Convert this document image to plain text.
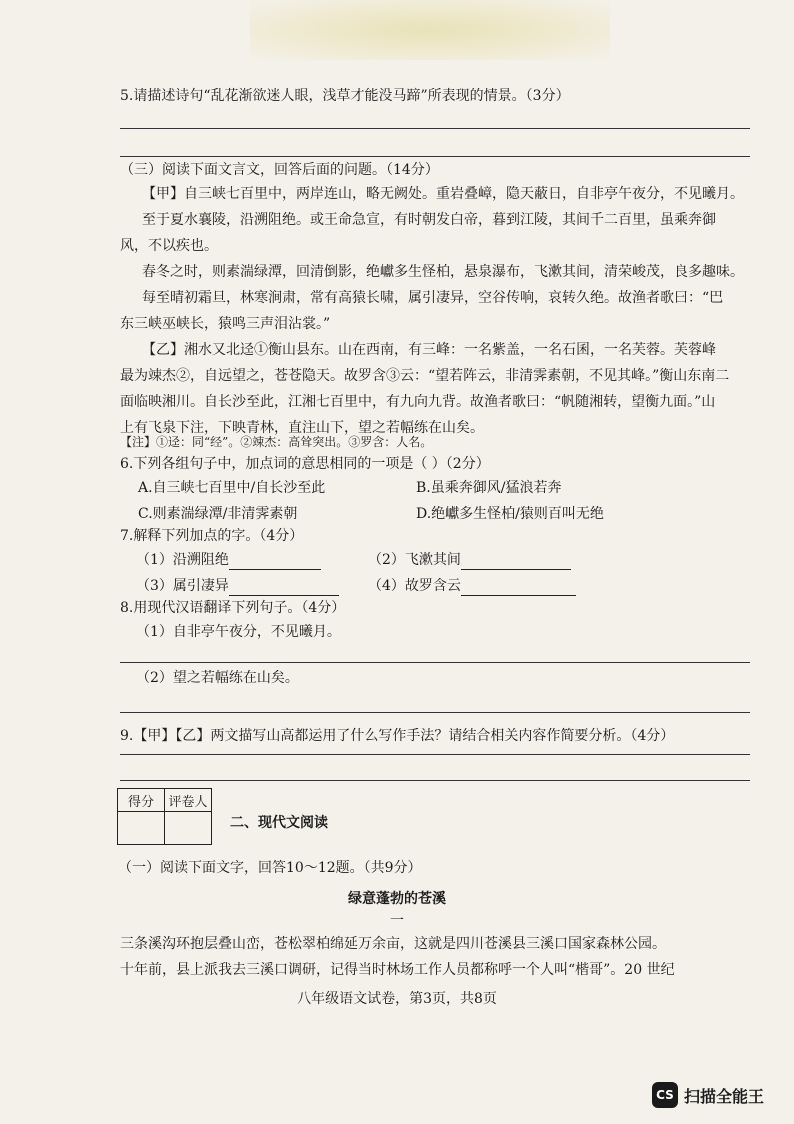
5.请描述诗句“乱花渐欲迷人眼，浅草才能没马蹄”所表现的情景。（3分）
（三）阅读下面文言文，回答后面的问题。（14分）
【甲】自三峡七百里中，两岸连山，略无阙处。重岩叠嶂，隐天蔽日，自非亭午夜分，不见曦月。
至于夏水襄陵，沿溯阻绝。或王命急宣，有时朝发白帝，暮到江陵，其间千二百里，虽乘奔御
风，不以疾也。
春冬之时，则素湍绿潭，回清倒影，绝巘多生怪柏，悬泉瀑布，飞漱其间，清荣峻茂，良多趣味。
每至晴初霜旦，林寒涧肃，常有高猿长啸，属引凄异，空谷传响，哀转久绝。故渔者歌曰：“巴
东三峡巫峡长，猿鸣三声泪沾裳。”
【乙】湘水又北迳①衡山县东。山在西南，有三峰：一名紫盖，一名石囷，一名芙蓉。芙蓉峰
最为竦杰②，自远望之，苍苍隐天。故罗含③云：“望若阵云，非清霁素朝，不见其峰。”衡山东南二
面临映湘川。自长沙至此，江湘七百里中，有九向九背。故渔者歌曰：“帆随湘转，望衡九面。”山
上有飞泉下注，下映青林，直注山下，望之若幅练在山矣。
【注】①迳：同“经”。②竦杰：高耸突出。③罗含：人名。
6.下列各组句子中，加点词的意思相同的一项是（ ）（2分）
A.自三峡七百里中/自长沙至此	B.虽乘奔御风/猛浪若奔
C.则素湍绿潭/非清霁素朝	D.绝巘多生怪柏/猿则百叫无绝
7.解释下列加点的字。（4分）
（1）沿溯阻绝	（2）飞漱其间
（3）属引凄异	（4）故罗含云
8.用现代汉语翻译下列句子。（4分）
（1）自非亭午夜分，不见曦月。
（2）望之若幅练在山矣。
9.【甲】【乙】两文描写山高都运用了什么写作手法？请结合相关内容作简要分析。（4分）
得分	评卷人

二、现代文阅读
（一）阅读下面文字，回答10～12题。（共9分）
绿意蓬勃的苍溪
一
三条溪沟环抱层叠山峦，苍松翠柏绵延万余亩，这就是四川苍溪县三溪口国家森林公园。
十年前，县上派我去三溪口调研，记得当时林场工作人员都称呼一个人叫“楷哥”。20 世纪
八年级语文试卷，第3页，共8页
CS 扫描全能王
